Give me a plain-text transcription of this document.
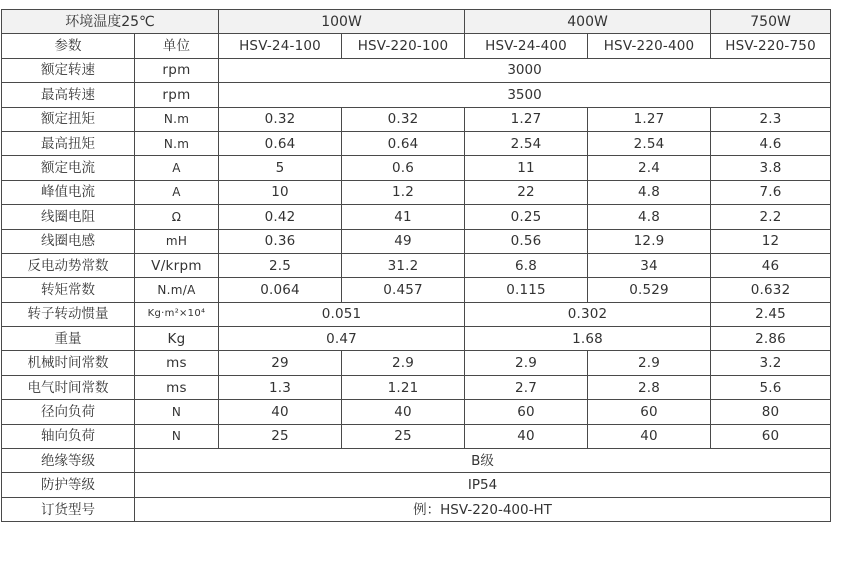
环境温度25℃		100W		400W		750W
参数	单位	HSV-24-100	HSV-220-100	HSV-24-400	HSV-220-400	HSV-220-750
额定转速	rpm	3000				
最高转速	rpm	3500				
额定扭矩	N.m	0.32	0.32	1.27	1.27	2.3
最高扭矩	N.m	0.64	0.64	2.54	2.54	4.6
额定电流	A	5	0.6	11	2.4	3.8
峰值电流	A	10	1.2	22	4.8	7.6
线圈电阻	Ω	0.42	41	0.25	4.8	2.2
线圈电感	mH	0.36	49	0.56	12.9	12
反电动势常数	V/krpm	2.5	31.2	6.8	34	46
转矩常数	N.m/A	0.064	0.457	0.115	0.529	0.632
转子转动惯量	Kg·m²×10⁴	0.051		0.302		2.45
重量	Kg	0.47		1.68		2.86
机械时间常数	ms	29	2.9	2.9	2.9	3.2
电气时间常数	ms	1.3	1.21	2.7	2.8	5.6
径向负荷	N	40	40	60	60	80
轴向负荷	N	25	25	40	40	60
绝缘等级	B级					
防护等级	IP54					
订货型号	例：HSV-220-400-HT					
